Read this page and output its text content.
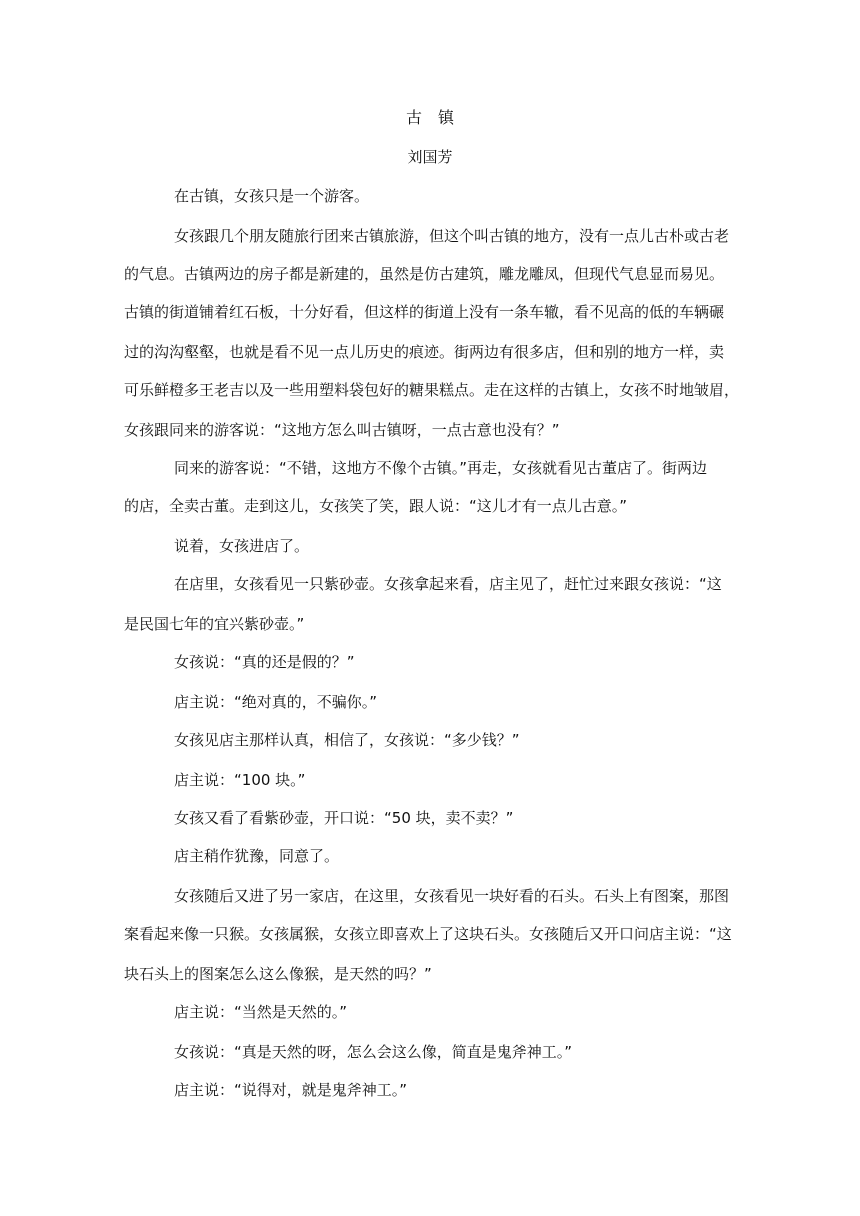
古　镇
刘国芳
在古镇，女孩只是一个游客。
女孩跟几个朋友随旅行团来古镇旅游，但这个叫古镇的地方，没有一点儿古朴或古老
的气息。古镇两边的房子都是新建的，虽然是仿古建筑，雕龙雕凤，但现代气息显而易见。
古镇的街道铺着红石板，十分好看，但这样的街道上没有一条车辙，看不见高的低的车辆碾
过的沟沟壑壑，也就是看不见一点儿历史的痕迹。街两边有很多店，但和别的地方一样，卖
可乐鲜橙多王老吉以及一些用塑料袋包好的糖果糕点。走在这样的古镇上，女孩不时地皱眉，
女孩跟同来的游客说：“这地方怎么叫古镇呀，一点古意也没有？”
同来的游客说：“不错，这地方不像个古镇。”再走，女孩就看见古董店了。街两边
的店，全卖古董。走到这儿，女孩笑了笑，跟人说：“这儿才有一点儿古意。”
说着，女孩进店了。
在店里，女孩看见一只紫砂壶。女孩拿起来看，店主见了，赶忙过来跟女孩说：“这
是民国七年的宜兴紫砂壶。”
女孩说：“真的还是假的？”
店主说：“绝对真的，不骗你。”
女孩见店主那样认真，相信了，女孩说：“多少钱？”
店主说：“100 块。”
女孩又看了看紫砂壶，开口说：“50 块，卖不卖？”
店主稍作犹豫，同意了。
女孩随后又进了另一家店，在这里，女孩看见一块好看的石头。石头上有图案，那图
案看起来像一只猴。女孩属猴，女孩立即喜欢上了这块石头。女孩随后又开口问店主说：“这
块石头上的图案怎么这么像猴，是天然的吗？”
店主说：“当然是天然的。”
女孩说：“真是天然的呀，怎么会这么像，简直是鬼斧神工。”
店主说：“说得对，就是鬼斧神工。”
